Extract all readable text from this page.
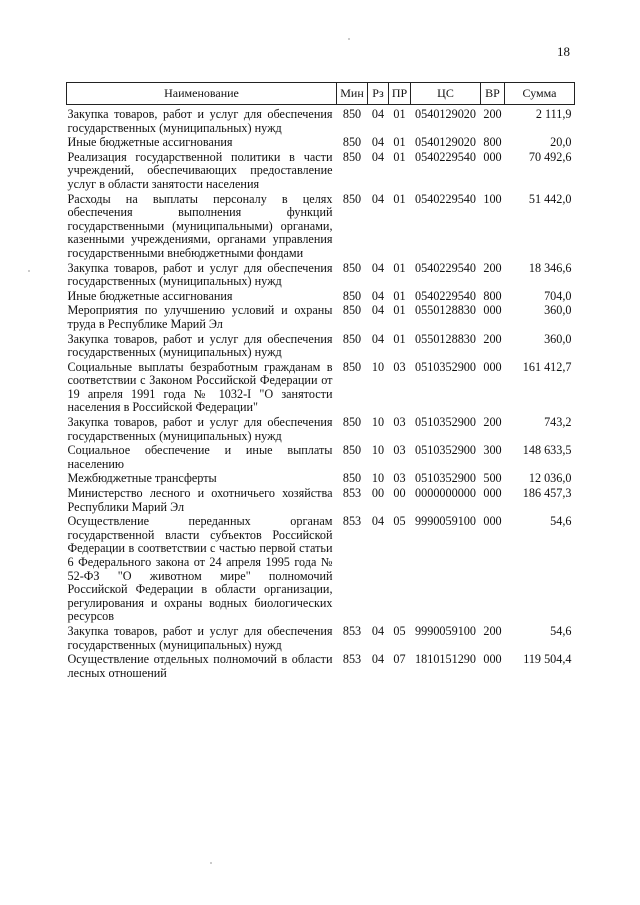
18
Наименование	Мин	Рз	ПР	ЦС	ВР	Сумма

Закупка товаров, работ и услуг для обеспечения государственных (муниципальных) нужд	850	04	01	0540129020	200	2 111,9
Иные бюджетные ассигнования	850	04	01	0540129020	800	20,0
Реализация государственной политики в части учреждений, обеспечивающих предоставление услуг в области занятости населения	850	04	01	0540229540	000	70 492,6
Расходы на выплаты персоналу в целях обеспечения выполнения функций государственными (муниципальными) органами, казенными учреждениями, органами управления государственными внебюджетными фондами	850	04	01	0540229540	100	51 442,0
Закупка товаров, работ и услуг для обеспечения государственных (муниципальных) нужд	850	04	01	0540229540	200	18 346,6
Иные бюджетные ассигнования	850	04	01	0540229540	800	704,0
Мероприятия по улучшению условий и охраны труда в Республике Марий Эл	850	04	01	0550128830	000	360,0
Закупка товаров, работ и услуг для обеспечения государственных (муниципальных) нужд	850	04	01	0550128830	200	360,0
Социальные выплаты безработным гражданам в соответствии с Законом Российской Федерации от 19 апреля 1991 года № 1032-I "О занятости населения в Российской Федерации"	850	10	03	0510352900	000	161 412,7
Закупка товаров, работ и услуг для обеспечения государственных (муниципальных) нужд	850	10	03	0510352900	200	743,2
Социальное обеспечение и иные выплаты населению	850	10	03	0510352900	300	148 633,5
Межбюджетные трансферты	850	10	03	0510352900	500	12 036,0
Министерство лесного и охотничьего хозяйства Республики Марий Эл	853	00	00	0000000000	000	186 457,3
Осуществление переданных органам государственной власти субъектов Российской Федерации в соответствии с частью первой статьи 6 Федерального закона от 24 апреля 1995 года № 52-ФЗ "О животном мире" полномочий Российской Федерации в области организации, регулирования и охраны водных биологических ресурсов	853	04	05	9990059100	000	54,6
Закупка товаров, работ и услуг для обеспечения государственных (муниципальных) нужд	853	04	05	9990059100	200	54,6
Осуществление отдельных полномочий в области лесных отношений	853	04	07	1810151290	000	119 504,4
